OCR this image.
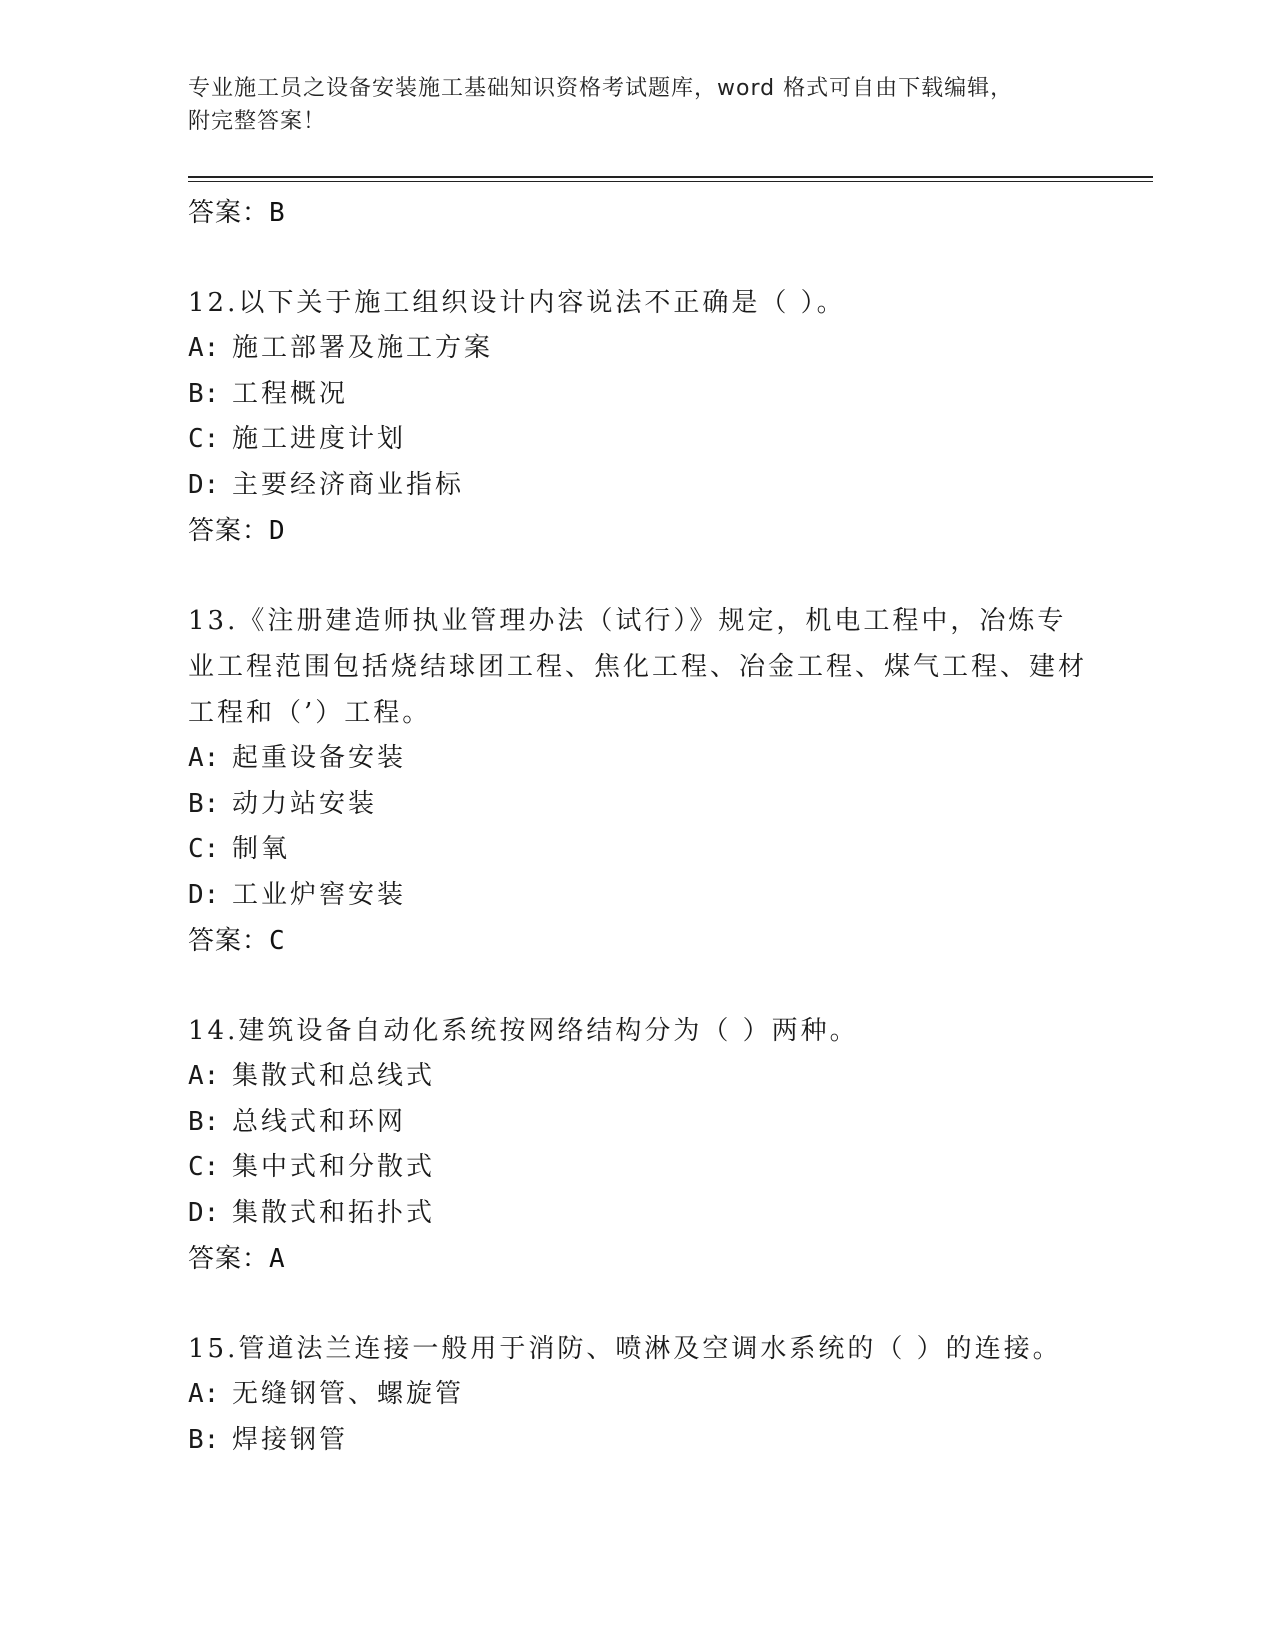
专业施工员之设备安装施工基础知识资格考试题库，word 格式可自由下载编辑，
附完整答案！
答案：B
12.以下关于施工组织设计内容说法不正确是（ ）。
A: 施工部署及施工方案
B: 工程概况
C: 施工进度计划
D: 主要经济商业指标
答案：D
13.《注册建造师执业管理办法（试行）》规定，机电工程中，冶炼专业工程范围包括烧结球团工程、焦化工程、冶金工程、煤气工程、建材工程和（’）工程。
A: 起重设备安装
B: 动力站安装
C: 制氧
D: 工业炉窖安装
答案：C
14.建筑设备自动化系统按网络结构分为（ ）两种。
A: 集散式和总线式
B: 总线式和环网
C: 集中式和分散式
D: 集散式和拓扑式
答案：A
15.管道法兰连接一般用于消防、喷淋及空调水系统的（ ）的连接。
A: 无缝钢管、螺旋管
B: 焊接钢管
